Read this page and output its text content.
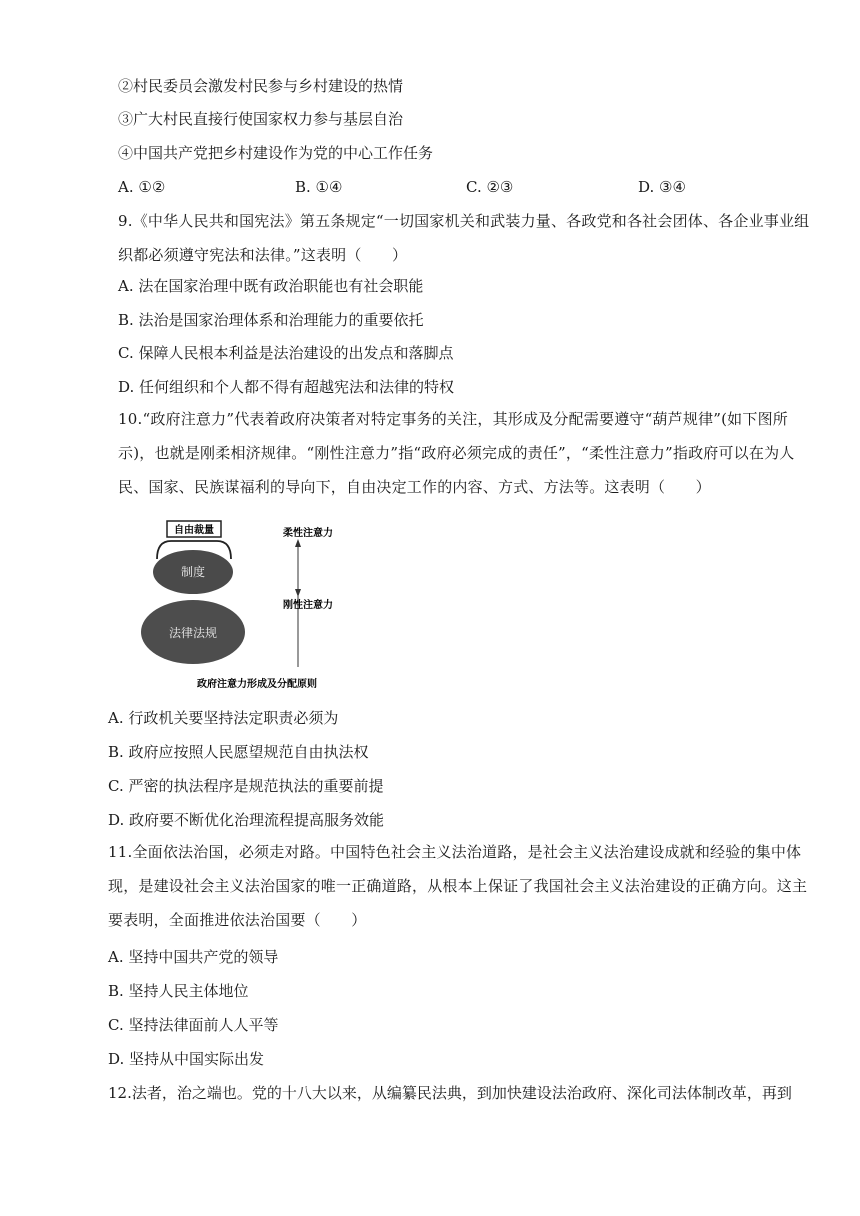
②村民委员会激发村民参与乡村建设的热情
③广大村民直接行使国家权力参与基层自治
④中国共产党把乡村建设作为党的中心工作任务
A. ①②	B. ①④	C. ②③	D. ③④
9.《中华人民共和国宪法》第五条规定“一切国家机关和武装力量、各政党和各社会团体、各企业事业组织都必须遵守宪法和法律。”这表明（　　）
A. 法在国家治理中既有政治职能也有社会职能
B. 法治是国家治理体系和治理能力的重要依托
C. 保障人民根本利益是法治建设的出发点和落脚点
D. 任何组织和个人都不得有超越宪法和法律的特权
10.“政府注意力”代表着政府决策者对特定事务的关注，其形成及分配需要遵守“葫芦规律”(如下图所示)，也就是刚柔相济规律。“刚性注意力”指“政府必须完成的责任”，“柔性注意力”指政府可以在为人民、国家、民族谋福利的导向下，自由决定工作的内容、方式、方法等。这表明（　　）
自由裁量
制度
法律法规
柔性注意力
刚性注意力
政府注意力形成及分配原则
A. 行政机关要坚持法定职责必须为
B. 政府应按照人民愿望规范自由执法权
C. 严密的执法程序是规范执法的重要前提
D. 政府要不断优化治理流程提高服务效能
11.全面依法治国，必须走对路。中国特色社会主义法治道路，是社会主义法治建设成就和经验的集中体现，是建设社会主义法治国家的唯一正确道路，从根本上保证了我国社会主义法治建设的正确方向。这主要表明，全面推进依法治国要（　　）
A. 坚持中国共产党的领导
B. 坚持人民主体地位
C. 坚持法律面前人人平等
D. 坚持从中国实际出发
12.法者，治之端也。党的十八大以来，从编纂民法典，到加快建设法治政府、深化司法体制改革，再到
